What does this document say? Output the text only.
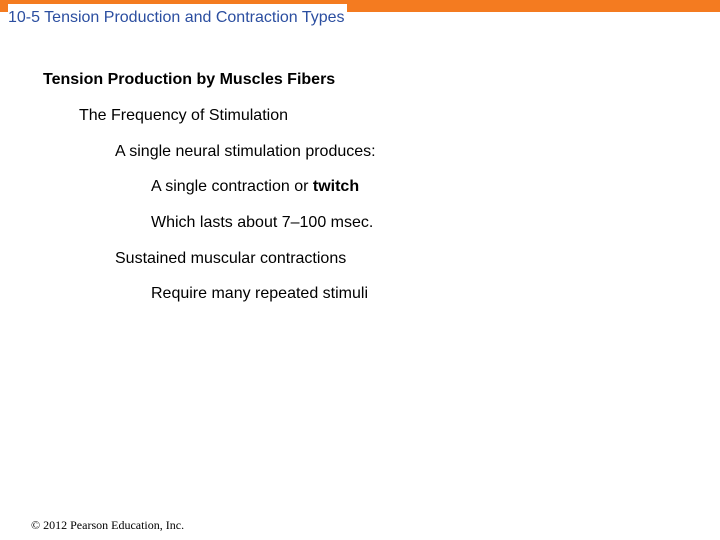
10-5 Tension Production and Contraction Types
Tension Production by Muscles Fibers
The Frequency of Stimulation
A single neural stimulation produces:
A single contraction or twitch
Which lasts about 7–100 msec.
Sustained muscular contractions
Require many repeated stimuli
© 2012 Pearson Education, Inc.
